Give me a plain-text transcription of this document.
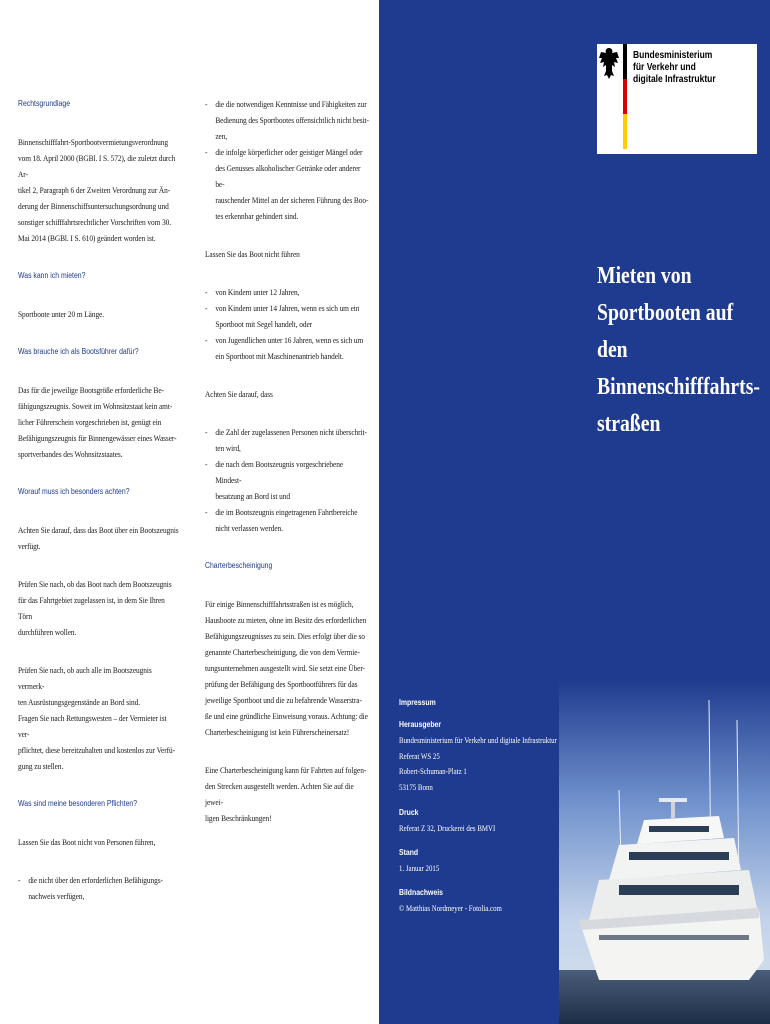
Rechtsgrundlage

Binnenschifffahrt-Sportbootvermietungsverordnung
vom 18. April 2000 (BGBl. I S. 572), die zuletzt durch Ar-
tikel 2, Paragraph 6 der Zweiten Verordnung zur Än-
derung der Binnenschiffsuntersuchungsordnung und
sonstiger schifffahrtsrechtlicher Vorschriften vom 30.
Mai 2014 (BGBl. I S. 610) geändert worden ist.

Was kann ich mieten?

Sportboote unter 20 m Länge.

Was brauche ich als Bootsführer dafür?

Das für die jeweilige Bootsgröße erforderliche Be-
fähigungszeugnis. Soweit im Wohnsitzstaat kein amt-
licher Führerschein vorgeschrieben ist, genügt ein
Befähigungszeugnis für Binnengewässer eines Wasser-
sportverbandes des Wohnsitzstaates.

Worauf muss ich besonders achten?

Achten Sie darauf, dass das Boot über ein Bootszeugnis
verfügt.
Prüfen Sie nach, ob das Boot nach dem Bootszeugnis
für das Fahrtgebiet zugelassen ist, in dem Sie Ihren Törn
durchführen wollen.
Prüfen Sie nach, ob auch alle im Bootszeugnis vermerk-
ten Ausrüstungsgegenstände an Bord sind.
Fragen Sie nach Rettungswesten – der Vermieter ist ver-
pflichtet, diese bereitzuhalten und kostenlos zur Verfü-
gung zu stellen.

Was sind meine besonderen Pflichten?

Lassen Sie das Boot nicht von Personen führen,
- die nicht über den erforderlichen Befähigungs-
nachweis verfügen,
- die die notwendigen Kenntnisse und Fähigkeiten zur
Bedienung des Sportbootes offensichtlich nicht besit-
zen,
- die infolge körperlicher oder geistiger Mängel oder
des Genusses alkoholischer Getränke oder anderer be-
rauschender Mittel an der sicheren Führung des Boo-
tes erkennbar gehindert sind.
Lassen Sie das Boot nicht führen
- von Kindern unter 12 Jahren,
- von Kindern unter 14 Jahren, wenn es sich um ein
Sportboot mit Segel handelt, oder
- von Jugendlichen unter 16 Jahren, wenn es sich um
ein Sportboot mit Maschinenantrieb handelt.
Achten Sie darauf, dass
- die Zahl der zugelassenen Personen nicht überschrit-
ten wird,
- die nach dem Bootszeugnis vorgeschriebene Mindest-
besatzung an Bord ist und
- die im Bootszeugnis eingetragenen Fahrtbereiche
nicht verlassen werden.

Charterbescheinigung

Für einige Binnenschifffahrtsstraßen ist es möglich,
Hausboote zu mieten, ohne im Besitz des erforderlichen
Befähigungszeugnisses zu sein. Dies erfolgt über die so
genannte Charterbescheinigung, die von dem Vermie-
tungsunternehmen ausgestellt wird. Sie setzt eine Über-
prüfung der Befähigung des Sportbootführers für das
jeweilige Sportboot und die zu befahrende Wasserstra-
ße und eine gründliche Einweisung voraus. Achtung: die
Charterbescheinigung ist kein Führerscheinersatz!
Eine Charterbescheinigung kann für Fahrten auf folgen-
den Strecken ausgestellt werden. Achten Sie auf die jewei-
ligen Beschränkungen!
Bundesministerium
für Verkehr und
digitale Infrastruktur
Mieten von
Sportbooten auf den
Binnenschifffahrts-
straßen

Impressum

Herausgeber

Bundesministerium für Verkehr und digitale Infrastruktur

Referat WS 25

Robert-Schuman-Platz 1

53175 Bonn

Druck

Referat Z 32, Druckerei des BMVI

Stand

1. Januar 2015

Bildnachweis

© Matthias Nordmeyer - Fotolia.com
